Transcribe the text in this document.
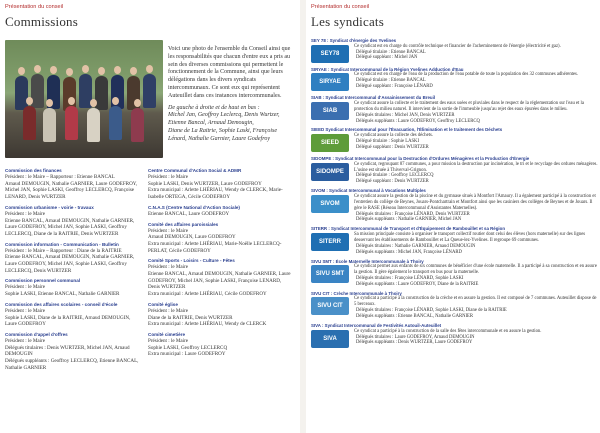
Présentation du conseil
Commissions

Voici une photo de l'ensemble du Conseil ainsi que les responsabilités que chacun d'entre eux a pris au sein des diverses commissions qui permettent le fonctionnement de la Commune, ainsi que leurs délégations dans les divers syndicats intercommunaux. Ce sont eux qui représentent Auteuillet dans ces instances intercommunales.

De gauche à droite et de haut en bas :
Michel Jan, Geoffroy Leclercq, Denis Wurtzer, Etienne Bancal, Arnaud Demougin,
Diane de La Raitrie, Sophie Laski, Françoise Lénard, Nathalie Garnier, Laure Godefroy

Commission des finances
Président : le Maire – Rapporteur : Etienne BANCAL
Arnaud DEMOUGIN, Nathalie GARNIER, Laure GODEFROY, Michel JAN, Sophie LASKI, Geoffroy LECLERCQ, Françoise LENARD, Denis WURTZER
Commission urbanisme - voirie - travaux
Président : le Maire
Etienne BANCAL, Arnaud DEMOUGIN, Nathalie GARNIER, Laure GODEFROY, Michel JAN, Sophie LASKI, Geoffroy LECLERCQ, Diane de la RAITRIE, Denis WURTZER
Commission information - Communication - Bulletin
Président : le Maire – Rapporteur : Diane de la RAITRIE
Etienne BANCAL, Arnaud DEMOUGIN, Nathalie GARNIER, Laure GODEFROY, Michel JAN, Sophie LASKI, Geoffroy LECLERCQ, Denis WURTZER
Commission personnel communal
Président : le Maire
Sophie LASKI, Etienne BANCAL, Nathalie GARNIER
Commission des affaires scolaires - conseil d'école
Président : le Maire
Sophie LASKI, Diane de la RAITRIE, Arnaud DEMOUGIN, Laure GODEFROY
Commission d'appel d'offres
Président : le Maire
Délégués titulaires : Denis WURTZER, Michel JAN, Arnaud DEMOUGIN
Délégués suppléants : Geoffroy LECLERCQ, Etienne BANCAL, Nathalie GARNIER
Centre Communal d'Action Social & ADMR
Président : le Maire
Sophie LASKI, Denis WURTZER, Laure GODEFROY
Extra municipal : Arlette LHÉRIAU, Wendy de CLERCK, Marie-Isabelle ORTEGA, Cécile GODEFROY
C.N.A.S (Centre National d'Action Sociale)
Etienne BANCAL, Laure GODEFROY
Comité des affaires paroissiales
Président : le Maire
Arnaud DEMOUGIN, Laure GODEFROY
Extra municipal : Arlette LHÉRIAU, Marie-Noëlle LECLERCQ-PERLAT, Cécile GODEFROY
Comité Sports - Loisirs - Culture - Fêtes
Président : le Maire
Etienne BANCAL, Arnaud DEMOUGIN, Nathalie GARNIER, Laure GODEFROY, Michel JAN, Sophie LASKI, Françoise LENARD, Denis WURTZER
Extra municipal : Arlette LHÉRIAU, Cécile GODEFROY
Comité église
Président : le Maire
Diane de la RAITRIE, Denis WURTZER
Extra municipal : Arlette LHÉRIAU, Wendy de CLERCK
Comité cimetière
Président : le Maire
Sophie LASKI, Geoffroy LECLERCQ
Extra municipal : Laure GODEFROY
Présentation du conseil
Les syndicats
SEY 78 : Syndicat d'énergie des Yvelines
SEY78
Ce syndicat est en charge du contrôle technique et financier de l'acheminement de l'énergie (électricité et gaz).
Délégué titulaire : Etienne BANCAL
Délégué suppléant : Michel JAN
SIRYAE : Syndicat Intercommunal de la Région Yvelines Adduction d'Eau
SIRYAE
Ce syndicat est en charge de l'eau de la production de l'eau potable de toute la population des 32 communes adhérentes.
Délégué titulaire : Etienne BANCAL
Délégué suppléant : Françoise LÉNARD
SIAB : Syndicat Intercommunal d'Assainissement du Breuil
SIAB
Ce syndicat assure la collecte et le traitement des eaux usées et pluviales dans le respect de la réglementation sur l'eau et la protection du milieu naturel. Il intervient de la sortie de l'immeuble jusqu'au rejet des eaux épurées dans le milieu.
Délégués titulaires : Michel JAN, Denis WURTZER
Délégués suppléants : Laure GODEFROY, Geoffroy LECLERCQ
SIEED Syndicat Intercommunal pour l'Évacuation, l'Élimination et le traitement des Déchets
SIEED
Ce syndicat assure la collecte des déchets.
Délégué titulaire : Sophie LASKI
Délégué suppléant : Denis WURTZER
SIDOMPE : Syndicat Intercommunal pour la Destruction d'Ordures Ménagères et la Production d'Énergie
SIDOMPE
Ce syndicat, regroupant 87 communes, a pour mission la destruction par incinération, le tri et le recyclage des ordures ménagères. L'usine est située à Thiverval-Grignon.
Délégué titulaire : Geoffroy LECLERCQ
Délégué suppléant : Denis WURTZER
SIVOM : Syndicat Intercommunal à Vocations Multiples
SIVOM
Ce syndicat assure la gestion de la piscine et du gymnase situés à Montfort l'Amaury. Il a également participé à la construction et l'entretien du collège de Beynes, Jouars-Pontchartrain et Montfort ainsi que les casiniers des collèges de Beynes et de Jouars. Il gère le RASE (Réseau Intercommunal d'Assistantes Maternelles).
Délégués titulaires : Françoise LÉNARD, Denis WURTZER
Délégués suppléants : Nathalie GARNIER, Michel JAN
SITERR : Syndicat Intercommunal de Transport et d'Équipement de Rambouillet et sa Région
SITERR
Sa mission principale consiste à organiser le transport collectif routier dont celui des élèves (hors maternelle) sur des lignes desservant les établissements de Rambouillet et La Queue-lez-Yvelines. Il regroupe 69 communes.
Délégués titulaires : Nathalie GARNIER, Arnaud DEMOUGIN
Délégués suppléants : Michel JAN, Françoise LÉNARD
SIVU SMT : École Maternelle Intercommunale à Thoiry
SIVU SMT
Ce syndicat permet aux enfants de six communes de bénéficier d'une école maternelle. Il a participé à sa construction et en assure la gestion. Il gère également le transport en bus pour la maternelle.
Délégués titulaires : Françoise LÉNARD, Sophie LASKI
Délégués suppléants : Laure GODEFROY, Diane de la RAITRIE
SIVU CIT : Crèche Intercommunale à Thoiry
SIVU CIT
Ce syndicat a participé à la construction de la crèche et en assure la gestion. Il est composé de 7 communes. Auteuillet dispose de 5 berceaux.
Délégués titulaires : Françoise LÉNARD, Sophie LASKI, Diane de la RAITRIE
Délégués suppléants : Etienne BANCAL, Nathalie GARNIER
SIVA : Syndicat Intercommunal de Festivités Autouil-Auteuillet
SIVA
Ce syndicat a participé à la construction de la salle des fêtes intercommunale et en assure la gestion.
Délégués titulaires : Laure GODEFROY, Arnaud DEMOUGIN
Délégués suppléants : Denis WURTZER, Laure GODEFROY
